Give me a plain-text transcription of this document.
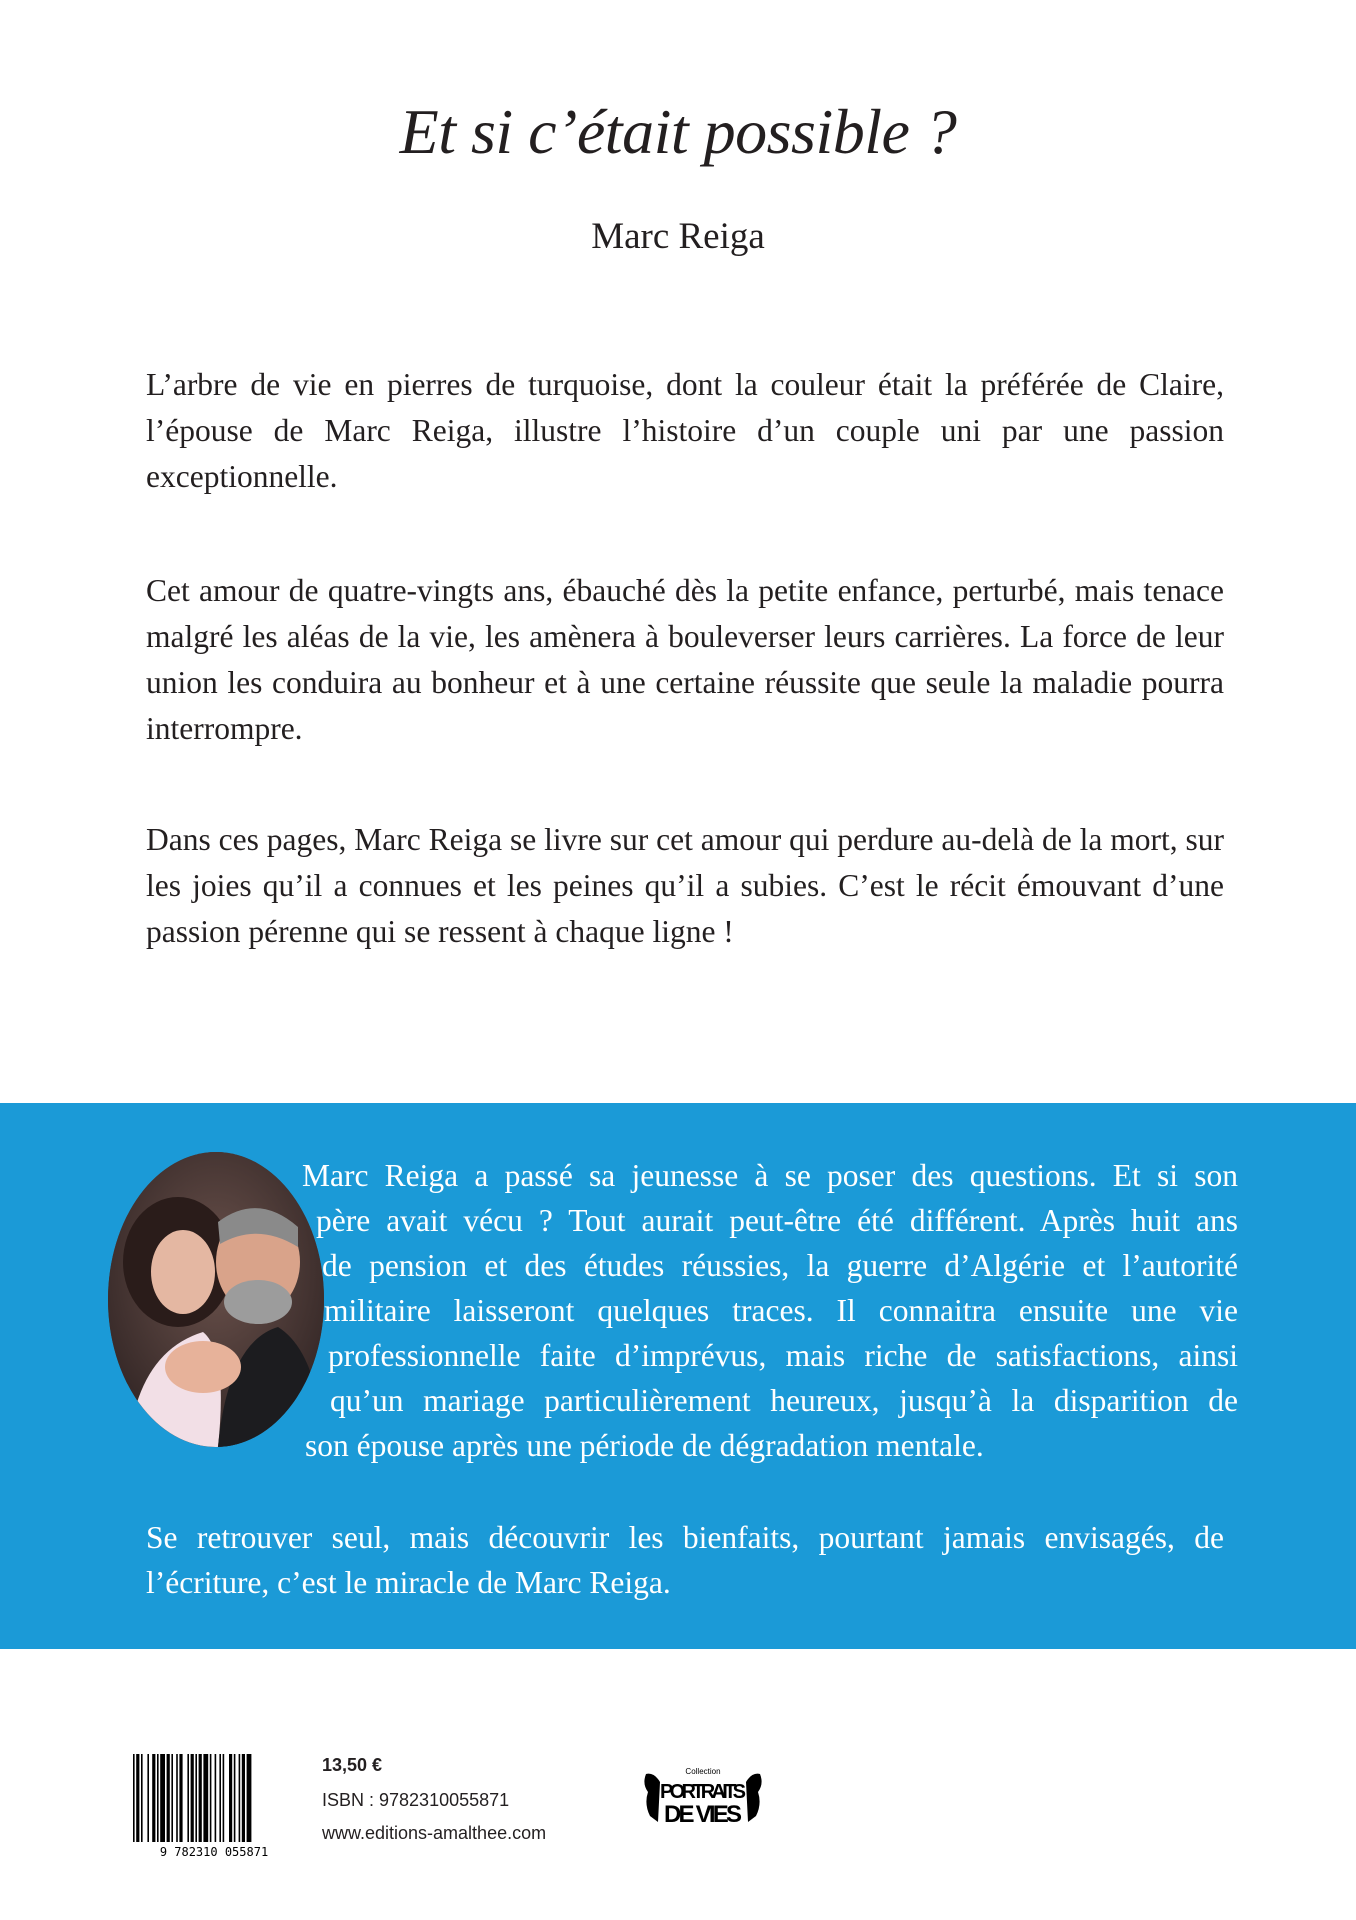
Et si c’était possible ?

Marc Reiga

L’arbre de vie en pierres de turquoise, dont la couleur était la préférée de Claire, l’épouse de Marc Reiga, illustre l’histoire d’un couple uni par une passion exceptionnelle.

Cet amour de quatre-vingts ans, ébauché dès la petite enfance, perturbé, mais tenace malgré les aléas de la vie, les amènera à bouleverser leurs carrières. La force de leur union les conduira au bonheur et à une certaine réussite que seule la maladie pourra interrompre.

Dans ces pages, Marc Reiga se livre sur cet amour qui perdure au-delà de la mort, sur les joies qu’il a connues et les peines qu’il a subies. C’est le récit émouvant d’une passion pérenne qui se ressent à chaque ligne !

Marc Reiga a passé sa jeunesse à se poser des questions. Et si son
père avait vécu ? Tout aurait peut-être été différent. Après huit ans
de pension et des études réussies, la guerre d’Algérie et l’autorité
militaire laisseront quelques traces. Il connaitra ensuite une vie
professionnelle faite d’imprévus, mais riche de satisfactions, ainsi
qu’un mariage particulièrement heureux, jusqu’à la disparition de
son épouse après une période de dégradation mentale.

Se retrouver seul, mais découvrir les bienfaits, pourtant jamais envisagés, de l’écriture, c’est le miracle de Marc Reiga.

9 782310 055871

13,50 €

ISBN : 9782310055871

www.editions-amalthee.com

Collection
PORTRAITS
DE VIES
